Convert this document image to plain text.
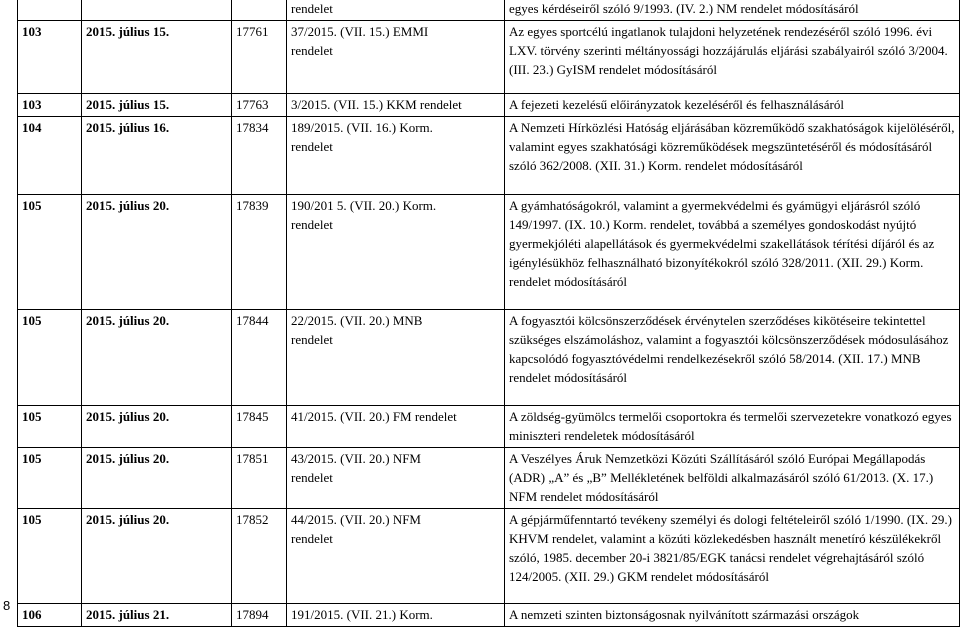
			rendelet	egyes kérdéseiről szóló 9/1993. (IV. 2.) NM rendelet módosításáról
103	2015. július 15.	17761	37/2015. (VII. 15.) EMMI
rendelet	Az egyes sportcélú ingatlanok tulajdoni helyzetének rendezéséről szóló 1996. évi LXV. törvény szerinti méltányossági hozzájárulás eljárási szabályairól szóló 3/2004. (III. 23.) GyISM rendelet módosításáról
103	2015. július 15.	17763	3/2015. (VII. 15.) KKM rendelet	A fejezeti kezelésű előirányzatok kezeléséről és felhasználásáról
104	2015. július 16.	17834	189/2015. (VII. 16.) Korm.
rendelet	A Nemzeti Hírközlési Hatóság eljárásában közreműködő szakhatóságok kijelöléséről, valamint egyes szakhatósági közreműködések megszüntetéséről és módosításáról szóló 362/2008. (XII. 31.) Korm. rendelet módosításáról
105	2015. július 20.	17839	190/201 5. (VII. 20.) Korm.
rendelet	A gyámhatóságokról, valamint a gyermekvédelmi és gyámügyi eljárásról szóló 149/1997. (IX. 10.) Korm. rendelet, továbbá a személyes gondoskodást nyújtó gyermekjóléti alapellátások és gyermekvédelmi szakellátások térítési díjáról és az igénylésükhöz felhasználható bizonyítékokról szóló 328/2011. (XII. 29.) Korm. rendelet módosításáról
105	2015. július 20.	17844	22/2015. (VII. 20.) MNB
rendelet	A fogyasztói kölcsönszerződések érvénytelen szerződéses kikötéseire tekintettel szükséges elszámoláshoz, valamint a fogyasztói kölcsönszerződések módosulásához kapcsolódó fogyasztóvédelmi rendelkezésekről szóló 58/2014. (XII. 17.) MNB rendelet módosításáról
105	2015. július 20.	17845	41/2015. (VII. 20.) FM rendelet	A zöldség-gyümölcs termelői csoportokra és termelői szervezetekre vonatkozó egyes miniszteri rendeletek módosításáról
105	2015. július 20.	17851	43/2015. (VII. 20.) NFM
rendelet	A Veszélyes Áruk Nemzetközi Közúti Szállításáról szóló Európai Megállapodás (ADR) „A” és „B” Mellékletének belföldi alkalmazásáról szóló 61/2013. (X. 17.) NFM rendelet módosításáról
105	2015. július 20.	17852	44/2015. (VII. 20.) NFM
rendelet	A gépjárműfenntartó tevékeny személyi és dologi feltételeiről szóló 1/1990. (IX. 29.) KHVM rendelet, valamint a közúti közlekedésben használt menetíró készülékekről szóló, 1985. december 20-i 3821/85/EGK tanácsi rendelet végrehajtásáról szóló 124/2005. (XII. 29.) GKM rendelet módosításáról
106	2015. július 21.	17894	191/2015. (VII. 21.) Korm.	A nemzeti szinten biztonságosnak nyilvánított származási országok
8
